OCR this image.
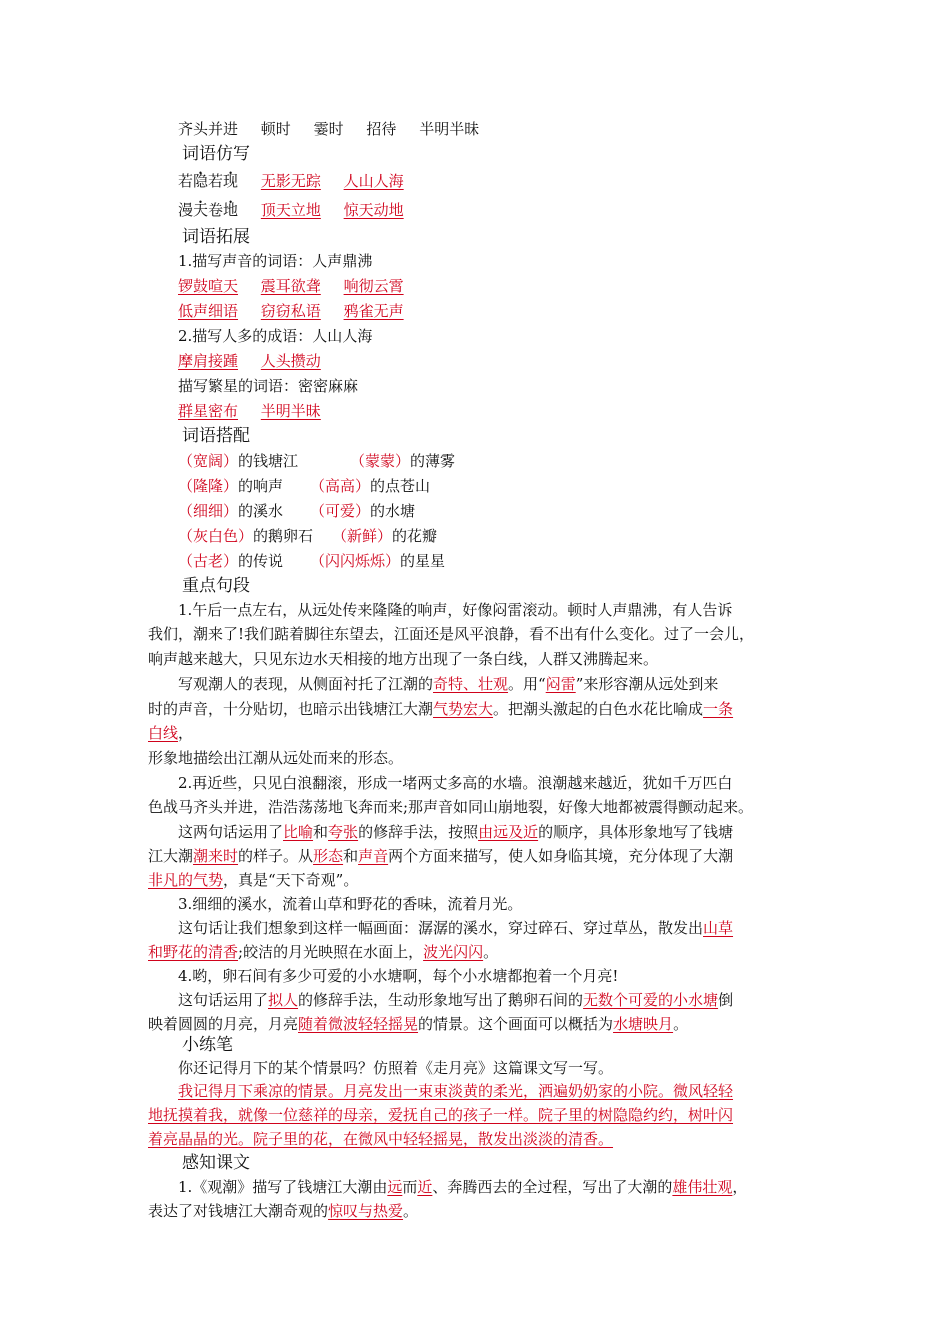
齐头并进 顿时 霎时 招待 半明半昧
词语仿写
若隐若现 无影无踪 人山人海
漫天卷地 顶天立地 惊天动地
词语拓展
1.描写声音的词语：人声鼎沸
锣鼓喧天 震耳欲聋 响彻云霄
低声细语 窃窃私语 鸦雀无声
2.描写人多的成语：人山人海
摩肩接踵 人头攒动
描写繁星的词语：密密麻麻
群星密布 半明半昧
词语搭配
（宽阔）的钱塘江	（蒙蒙）的薄雾
（隆隆）的响声 （高高）的点苍山
（细细）的溪水 （可爱）的水塘
（灰白色）的鹅卵石 （新鲜）的花瓣
（古老）的传说 （闪闪烁烁）的星星
重点句段
1.午后一点左右，从远处传来隆隆的响声，好像闷雷滚动。顿时人声鼎沸，有人告诉
我们，潮来了!我们踮着脚往东望去，江面还是风平浪静，看不出有什么变化。过了一会儿，
响声越来越大，只见东边水天相接的地方出现了一条白线，人群又沸腾起来。
写观潮人的表现，从侧面衬托了江潮的奇特、壮观。用“闷雷”来形容潮从远处到来
时的声音，十分贴切，也暗示出钱塘江大潮气势宏大。把潮头激起的白色水花比喻成一条
白线，
形象地描绘出江潮从远处而来的形态。
2.再近些，只见白浪翻滚，形成一堵两丈多高的水墙。浪潮越来越近，犹如千万匹白
色战马齐头并进，浩浩荡荡地飞奔而来;那声音如同山崩地裂，好像大地都被震得颤动起来。
这两句话运用了比喻和夸张的修辞手法，按照由远及近的顺序，具体形象地写了钱塘
江大潮潮来时的样子。从形态和声音两个方面来描写，使人如身临其境，充分体现了大潮
非凡的气势，真是“天下奇观”。
3.细细的溪水，流着山草和野花的香味，流着月光。
这句话让我们想象到这样一幅画面：潺潺的溪水，穿过碎石、穿过草丛，散发出山草
和野花的清香;皎洁的月光映照在水面上，波光闪闪。
4.哟，卵石间有多少可爱的小水塘啊，每个小水塘都抱着一个月亮!
这句话运用了拟人的修辞手法，生动形象地写出了鹅卵石间的无数个可爱的小水塘倒
映着圆圆的月亮，月亮随着微波轻轻摇晃的情景。这个画面可以概括为水塘映月。
小练笔
你还记得月下的某个情景吗？仿照着《走月亮》这篇课文写一写。
我记得月下乘凉的情景。月亮发出一束束淡黄的柔光，洒遍奶奶家的小院。微风轻轻
地抚摸着我，就像一位慈祥的母亲，爱抚自己的孩子一样。院子里的树隐隐约约，树叶闪
着亮晶晶的光。院子里的花，在微风中轻轻摇晃，散发出淡淡的清香。
感知课文
1.《观潮》描写了钱塘江大潮由远而近、奔腾西去的全过程，写出了大潮的雄伟壮观，
表达了对钱塘江大潮奇观的惊叹与热爱。
